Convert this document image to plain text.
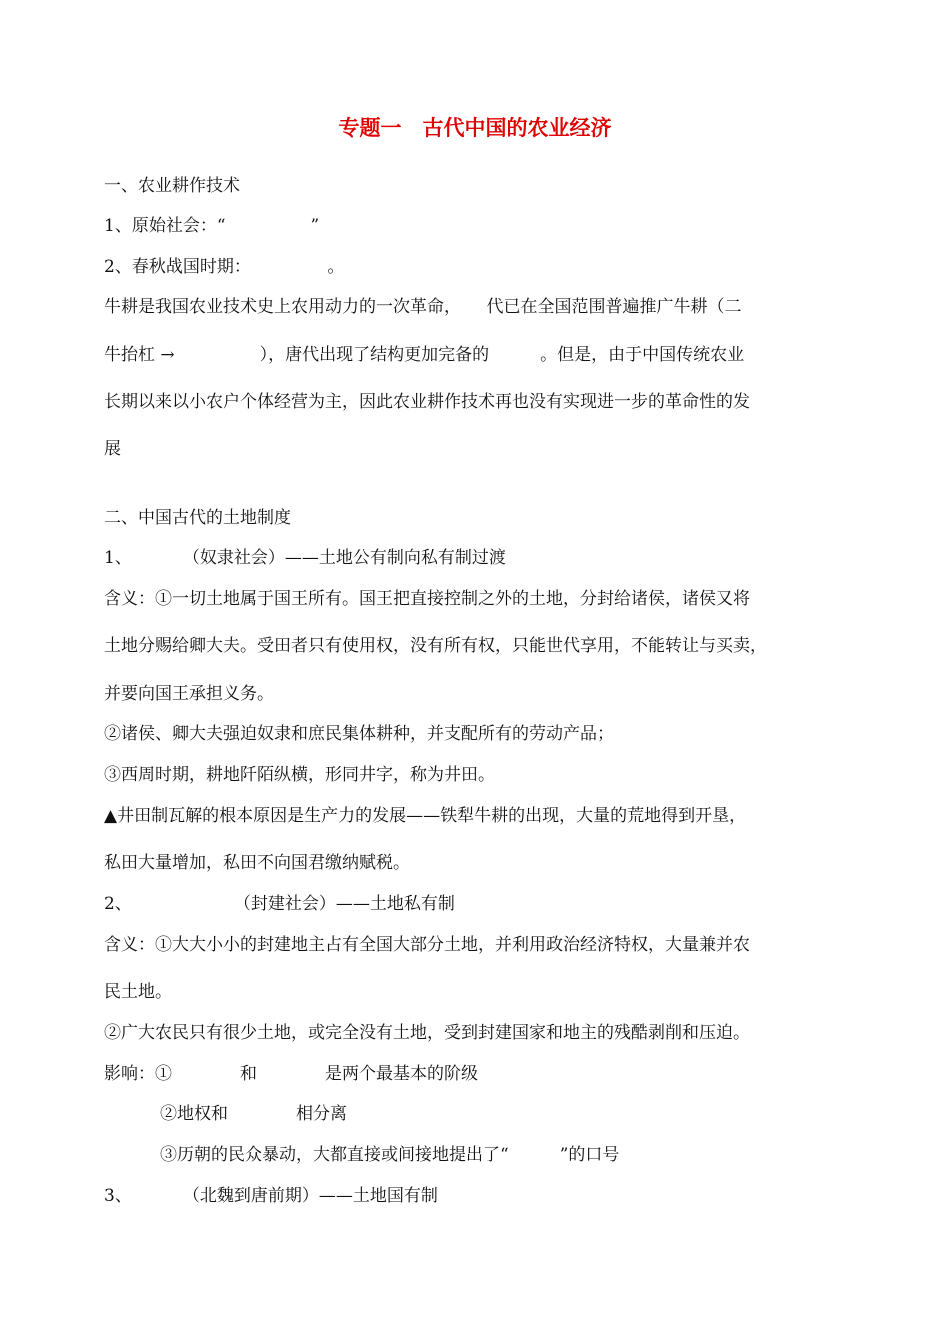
专题一　古代中国的农业经济
一、农业耕作技术
1、原始社会：“　　　　　”
2、春秋战国时期：　　　　　。
牛耕是我国农业技术史上农用动力的一次革命，　　代已在全国范围普遍推广牛耕（二
牛抬杠 →　　　　　），唐代出现了结构更加完备的　　　。但是，由于中国传统农业
长期以来以小农户个体经营为主，因此农业耕作技术再也没有实现进一步的革命性的发
展
二、中国古代的土地制度
1、　　　　（奴隶社会）——土地公有制向私有制过渡
含义：①一切土地属于国王所有。国王把直接控制之外的土地，分封给诸侯，诸侯又将
土地分赐给卿大夫。受田者只有使用权，没有所有权，只能世代享用，不能转让与买卖，
并要向国王承担义务。
②诸侯、卿大夫强迫奴隶和庶民集体耕种，并支配所有的劳动产品；
③西周时期，耕地阡陌纵横，形同井字，称为井田。
▲井田制瓦解的根本原因是生产力的发展——铁犁牛耕的出现，大量的荒地得到开垦，
私田大量增加，私田不向国君缴纳赋税。
2、　　　　　　　（封建社会）——土地私有制
含义：①大大小小的封建地主占有全国大部分土地，并利用政治经济特权，大量兼并农
民土地。
②广大农民只有很少土地，或完全没有土地，受到封建国家和地主的残酷剥削和压迫。
影响：①　　　　和　　　　是两个最基本的阶级
②地权和　　　　相分离
③历朝的民众暴动，大都直接或间接地提出了“　　　”的口号
3、　　　　（北魏到唐前期）——土地国有制
